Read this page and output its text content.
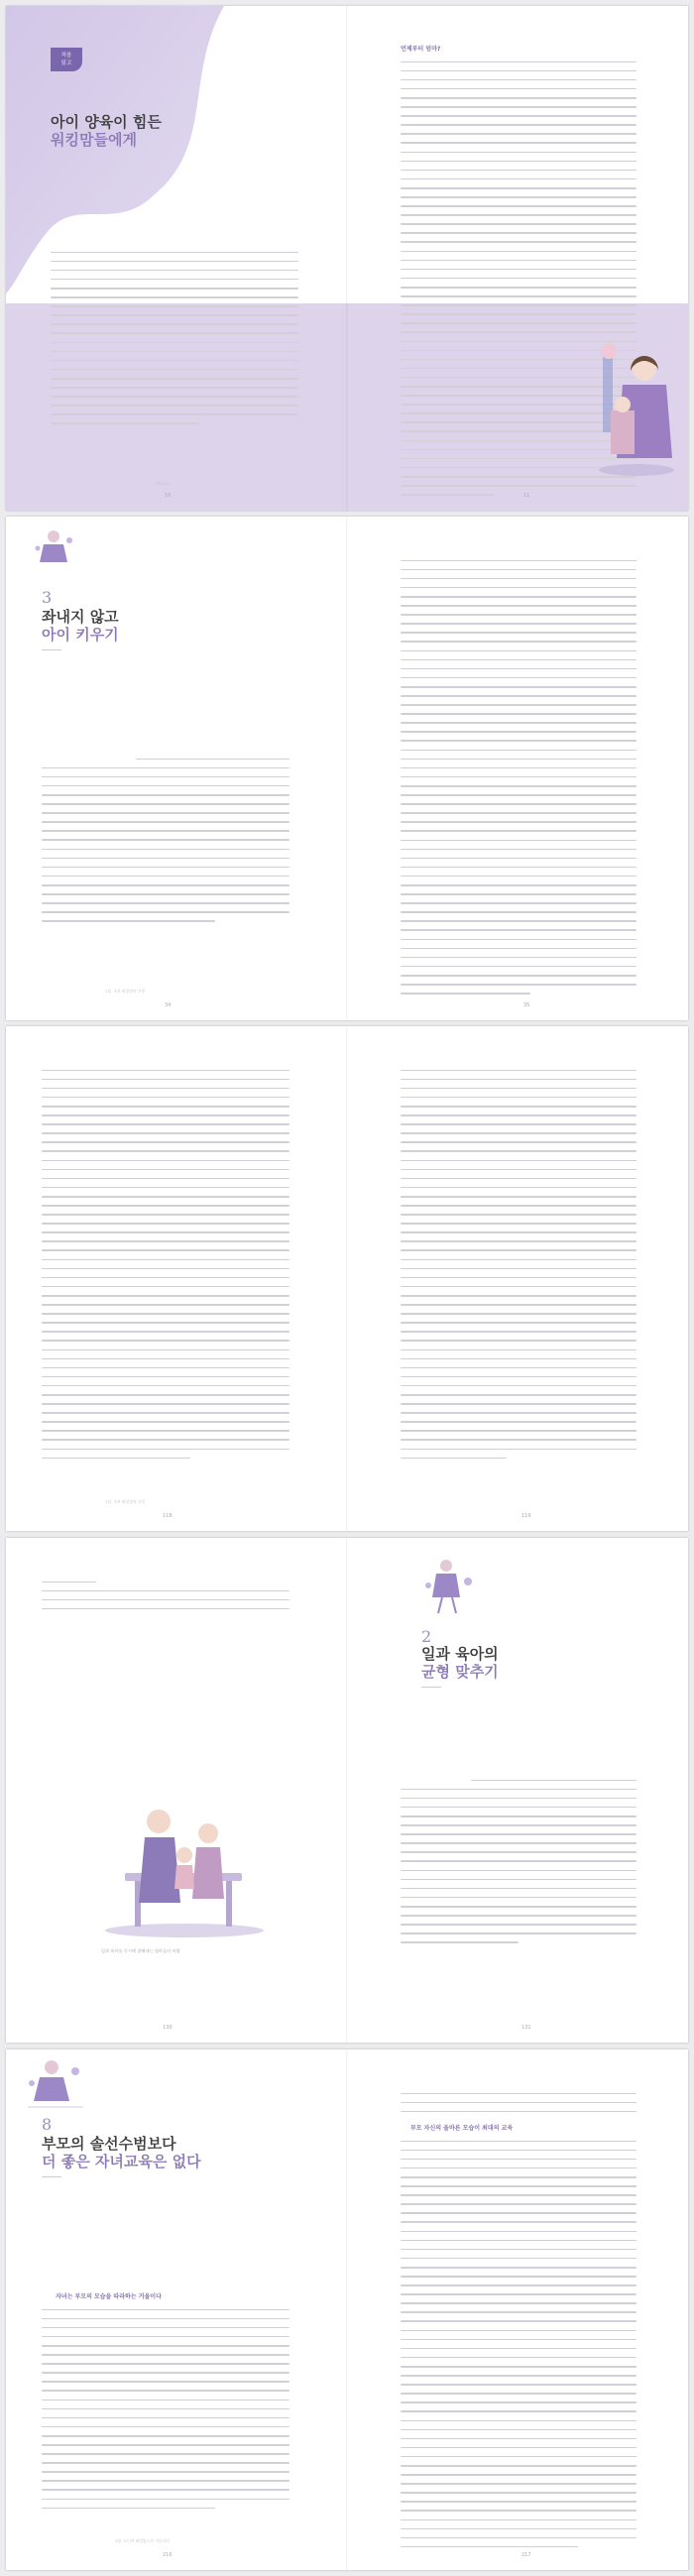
처음
읽고
아이 양육이 힘든
워킹맘들에게
프롤로그
10
언제부터 엄마?
11
3
좌내지 않고
아이 키우기
1장. 초보 워킹맘의 고민
34	35
1장. 초보 워킹맘의 고민
118	119
일과 육아를 동시에 잘해내는 엄마들의 비법
130
2
일과 육아의
균형 맞추기
131
8
부모의 솔선수범보다
더 좋은 자녀교육은 없다
자녀는 부모의 모습을 따라하는 거울이다
3장. 드디어 워킹맘으로 거듭나다
216
부모 자신의 올바른 모습이 최대의 교육
217
